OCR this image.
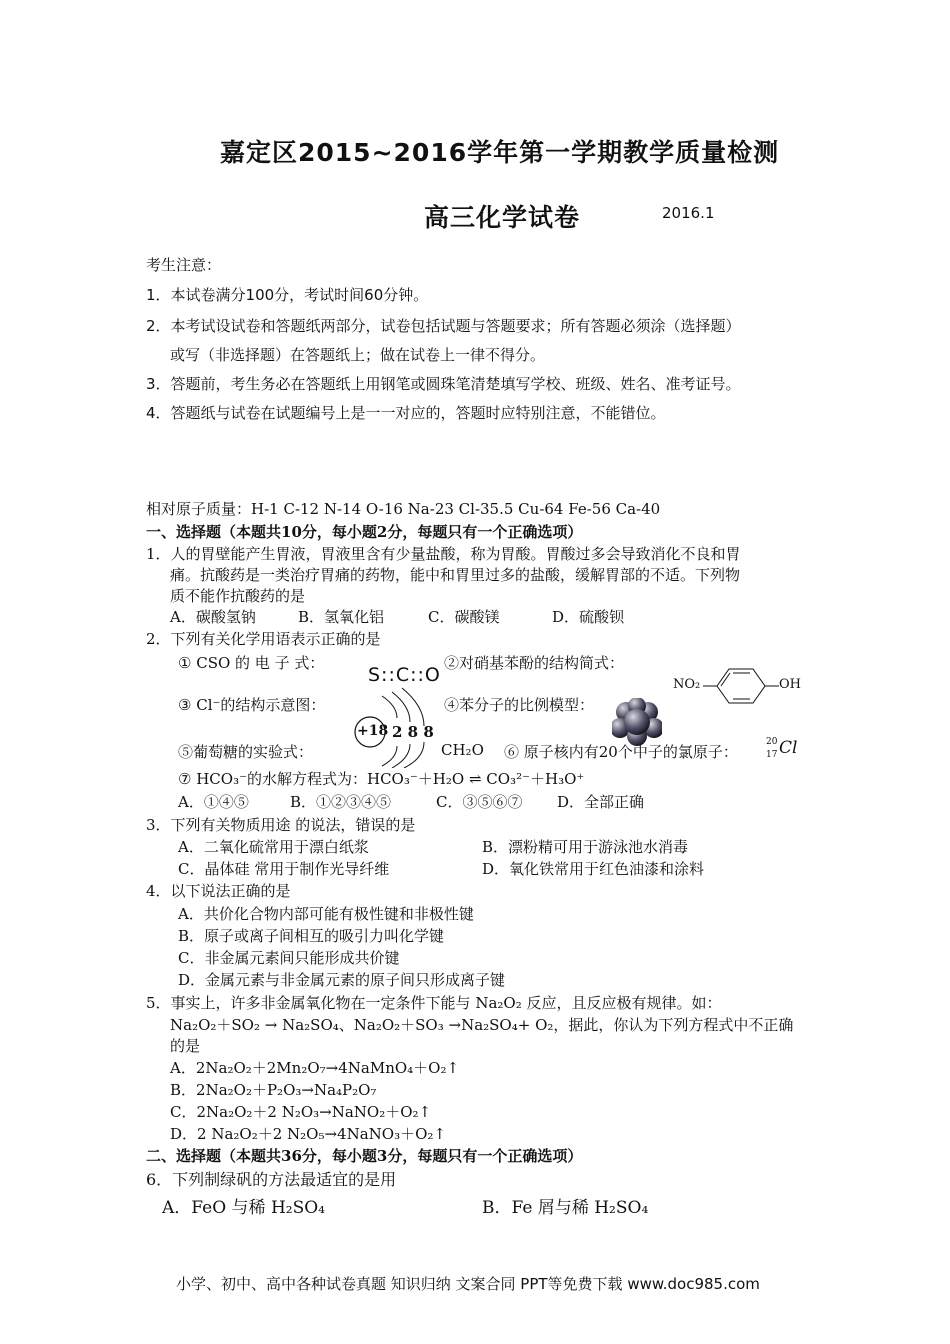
嘉定区2015~2016学年第一学期教学质量检测
高三化学试卷	2016.1
考生注意：
1．本试卷满分100分，考试时间60分钟。
2．本考试设试卷和答题纸两部分，试卷包括试题与答题要求；所有答题必须涂（选择题）
或写（非选择题）在答题纸上；做在试卷上一律不得分。
3．答题前，考生务必在答题纸上用钢笔或圆珠笔清楚填写学校、班级、姓名、准考证号。
4．答题纸与试卷在试题编号上是一一对应的，答题时应特别注意，不能错位。
相对原子质量：H-1 C-12 N-14 O-16 Na-23 Cl-35.5 Cu-64 Fe-56 Ca-40
一、选择题（本题共10分，每小题2分，每题只有一个正确选项）
1．人的胃壁能产生胃液，胃液里含有少量盐酸，称为胃酸。胃酸过多会导致消化不良和胃
痛。抗酸药是一类治疗胃痛的药物，能中和胃里过多的盐酸，缓解胃部的不适。下列物
质不能作抗酸药的是
A．碳酸氢钠	B．氢氧化铝	C．碳酸镁	D．硫酸钡
2．下列有关化学用语表示正确的是
① CSO 的 电 子 式：
S::C::O
②对硝基苯酚的结构简式：
NO₂	OH
③ Cl⁻的结构示意图：
+18 2 8 8
④苯分子的比例模型：
⑤葡萄糖的实验式：	CH₂O ⑥ 原子核内有20个中子的氯原子：
20
17 Cl
⑦ HCO₃⁻的水解方程式为：HCO₃⁻＋H₂O ⇌ CO₃²⁻＋H₃O⁺
A．①④⑤	B．①②③④⑤	C．③⑤⑥⑦ D．全部正确
3．下列有关物质用途 的说法，错误的是
A．二氧化硫常用于漂白纸浆	B．漂粉精可用于游泳池水消毒
C．晶体硅 常用于制作光导纤维	D．氧化铁常用于红色油漆和涂料
4．以下说法正确的是
A．共价化合物内部可能有极性键和非极性键
B．原子或离子间相互的吸引力叫化学键
C．非金属元素间只能形成共价键
D．金属元素与非金属元素的原子间只形成离子键
5．事实上，许多非金属氧化物在一定条件下能与 Na₂O₂ 反应，且反应极有规律。如：
Na₂O₂＋SO₂ → Na₂SO₄、Na₂O₂＋SO₃ →Na₂SO₄+ O₂，据此，你认为下列方程式中不正确
的是
A．2Na₂O₂＋2Mn₂O₇→4NaMnO₄＋O₂↑
B．2Na₂O₂＋P₂O₃→Na₄P₂O₇
C．2Na₂O₂＋2 N₂O₃→NaNO₂＋O₂↑
D．2 Na₂O₂＋2 N₂O₅→4NaNO₃＋O₂↑
二、选择题（本题共36分，每小题3分，每题只有一个正确选项）
6．下列制绿矾的方法最适宜的是用
A．FeO 与稀 H₂SO₄	B．Fe 屑与稀 H₂SO₄
小学、初中、高中各种试卷真题 知识归纳 文案合同 PPT等免费下载 www.doc985.com
